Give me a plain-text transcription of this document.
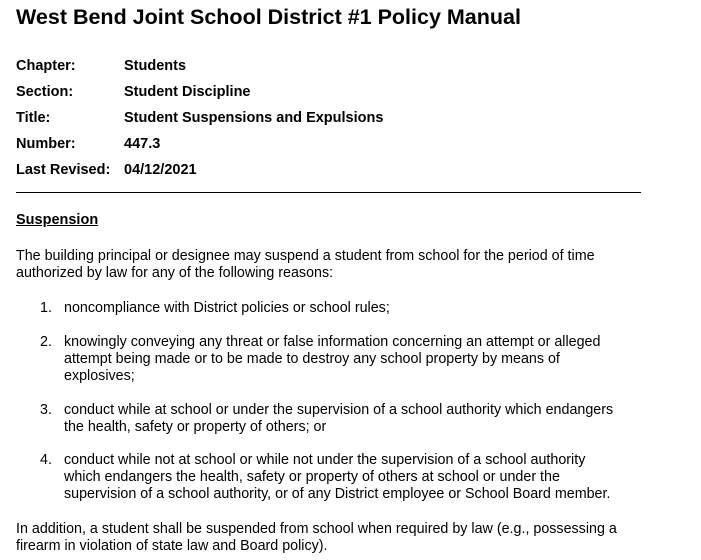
West Bend Joint School District #1 Policy Manual
Chapter:	Students
Section:	Student Discipline
Title:	Student Suspensions and Expulsions
Number:	447.3
Last Revised: 04/12/2021
Suspension
The building principal or designee may suspend a student from school for the period of time
authorized by law for any of the following reasons:
1. noncompliance with District policies or school rules;
2. knowingly conveying any threat or false information concerning an attempt or alleged
attempt being made or to be made to destroy any school property by means of
explosives;
3. conduct while at school or under the supervision of a school authority which endangers
the health, safety or property of others; or
4. conduct while not at school or while not under the supervision of a school authority
which endangers the health, safety or property of others at school or under the
supervision of a school authority, or of any District employee or School Board member.
In addition, a student shall be suspended from school when required by law (e.g., possessing a
firearm in violation of state law and Board policy).
